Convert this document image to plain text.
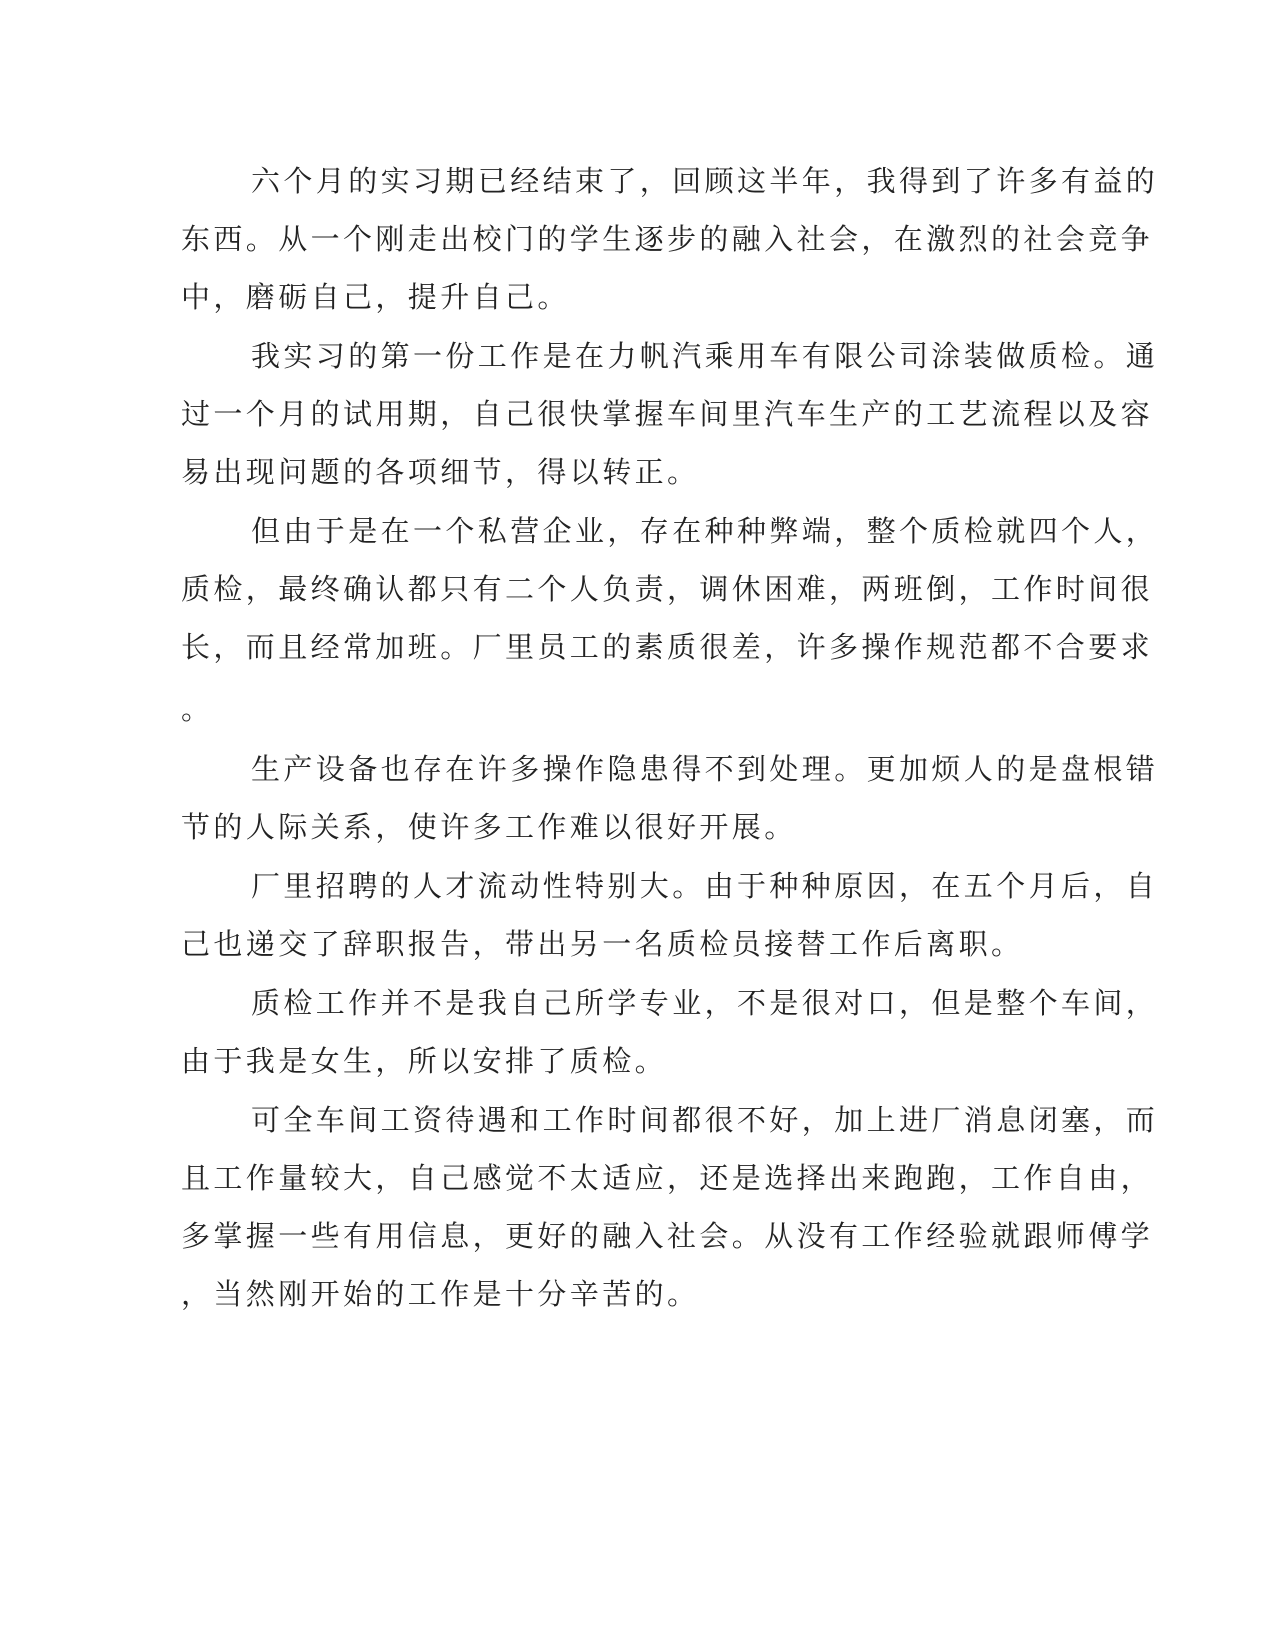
六个月的实习期已经结束了，回顾这半年，我得到了许多有益的
东西。从一个刚走出校门的学生逐步的融入社会，在激烈的社会竞争
中，磨砺自己，提升自己。
我实习的第一份工作是在力帆汽乘用车有限公司涂装做质检。通
过一个月的试用期，自己很快掌握车间里汽车生产的工艺流程以及容
易出现问题的各项细节，得以转正。
但由于是在一个私营企业，存在种种弊端，整个质检就四个人，
质检，最终确认都只有二个人负责，调休困难，两班倒，工作时间很
长，而且经常加班。厂里员工的素质很差，许多操作规范都不合要求
。
生产设备也存在许多操作隐患得不到处理。更加烦人的是盘根错
节的人际关系，使许多工作难以很好开展。
厂里招聘的人才流动性特别大。由于种种原因，在五个月后，自
己也递交了辞职报告，带出另一名质检员接替工作后离职。
质检工作并不是我自己所学专业，不是很对口，但是整个车间，
由于我是女生，所以安排了质检。
可全车间工资待遇和工作时间都很不好，加上进厂消息闭塞，而
且工作量较大，自己感觉不太适应，还是选择出来跑跑，工作自由，
多掌握一些有用信息，更好的融入社会。从没有工作经验就跟师傅学
，当然刚开始的工作是十分辛苦的。
